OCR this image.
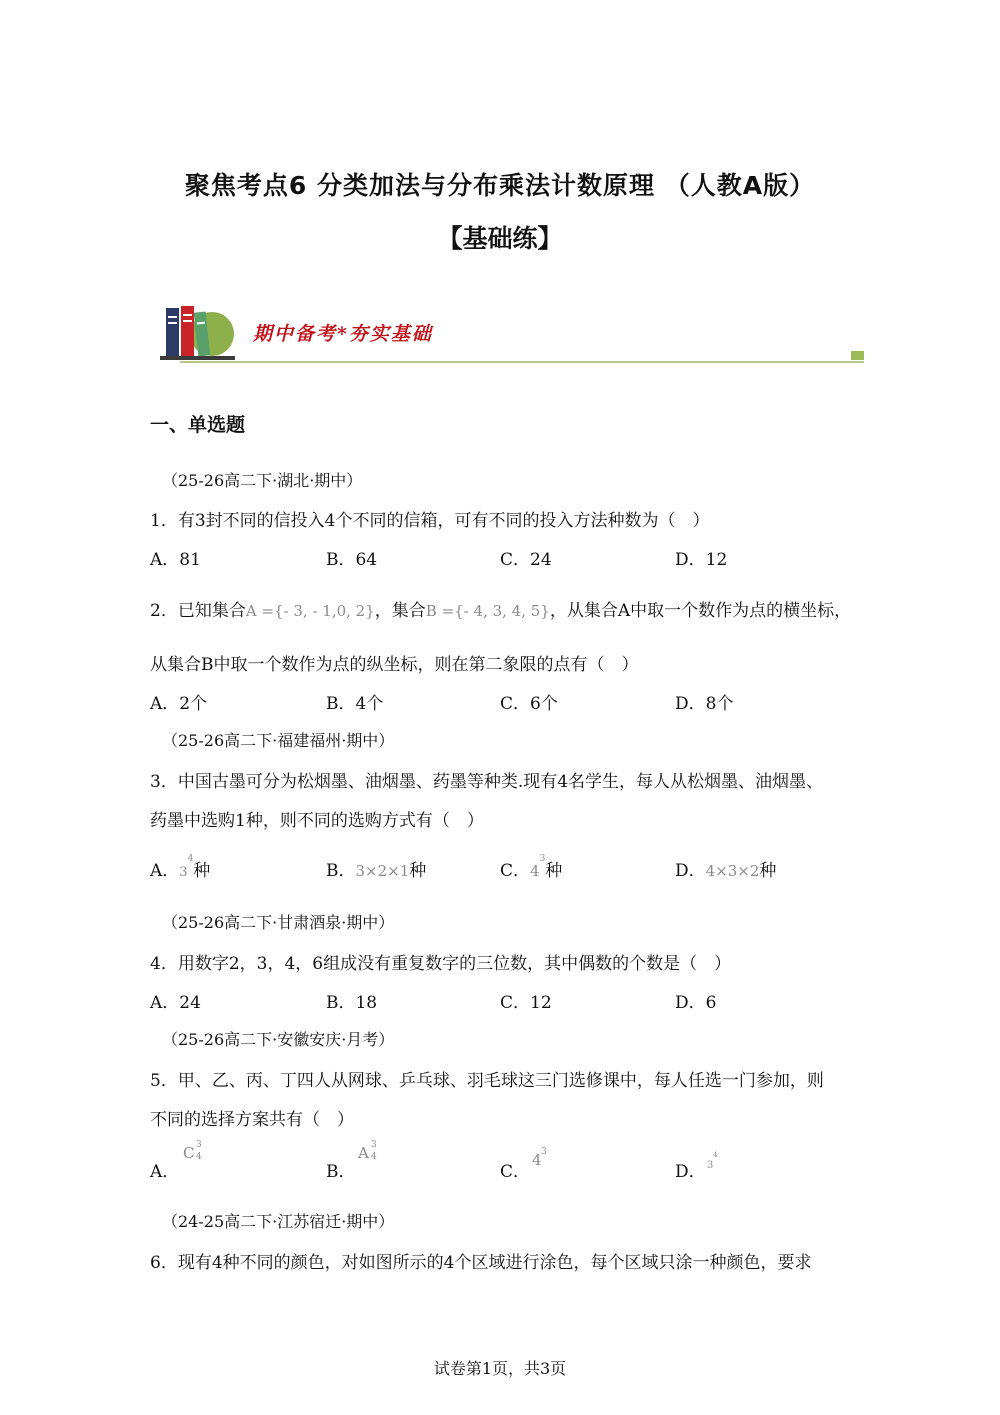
聚焦考点6 分类加法与分布乘法计数原理 （人教A版）
【基础练】
期中备考*夯实基础
一、单选题
（25-26高二下·湖北·期中）
1．有3封不同的信投入4个不同的信箱，可有不同的投入方法种数为（　）
A．81	B．64	C．24	D．12
2．已知集合A ={- 3, - 1,0, 2}，集合B ={- 4, 3, 4, 5}，从集合A中取一个数作为点的横坐标，
从集合B中取一个数作为点的纵坐标，则在第二象限的点有（　）
A．2个	B．4个	C．6个	D．8个
（25-26高二下·福建福州·期中）
3．中国古墨可分为松烟墨、油烟墨、药墨等种类.现有4名学生，每人从松烟墨、油烟墨、
药墨中选购1种，则不同的选购方式有（　）
A．$3^4$种	B．3×2×1种	C．$4^3$种	D．4×3×2种
（25-26高二下·甘肃酒泉·期中）
4．用数字2，3，4，6组成没有重复数字的三位数，其中偶数的个数是（　）
A．24	B．18	C．12	D．6
（25-26高二下·安徽安庆·月考）
5．甲、乙、丙、丁四人从网球、乒乓球、羽毛球这三门选修课中，每人任选一门参加，则
不同的选择方案共有（　）
A．
C 3
4
B．
A 3
4
C．
4 3
D． 3
4
（24-25高二下·江苏宿迁·期中）
6．现有4种不同的颜色，对如图所示的4个区域进行涂色，每个区域只涂一种颜色，要求
试卷第1页，共3页
